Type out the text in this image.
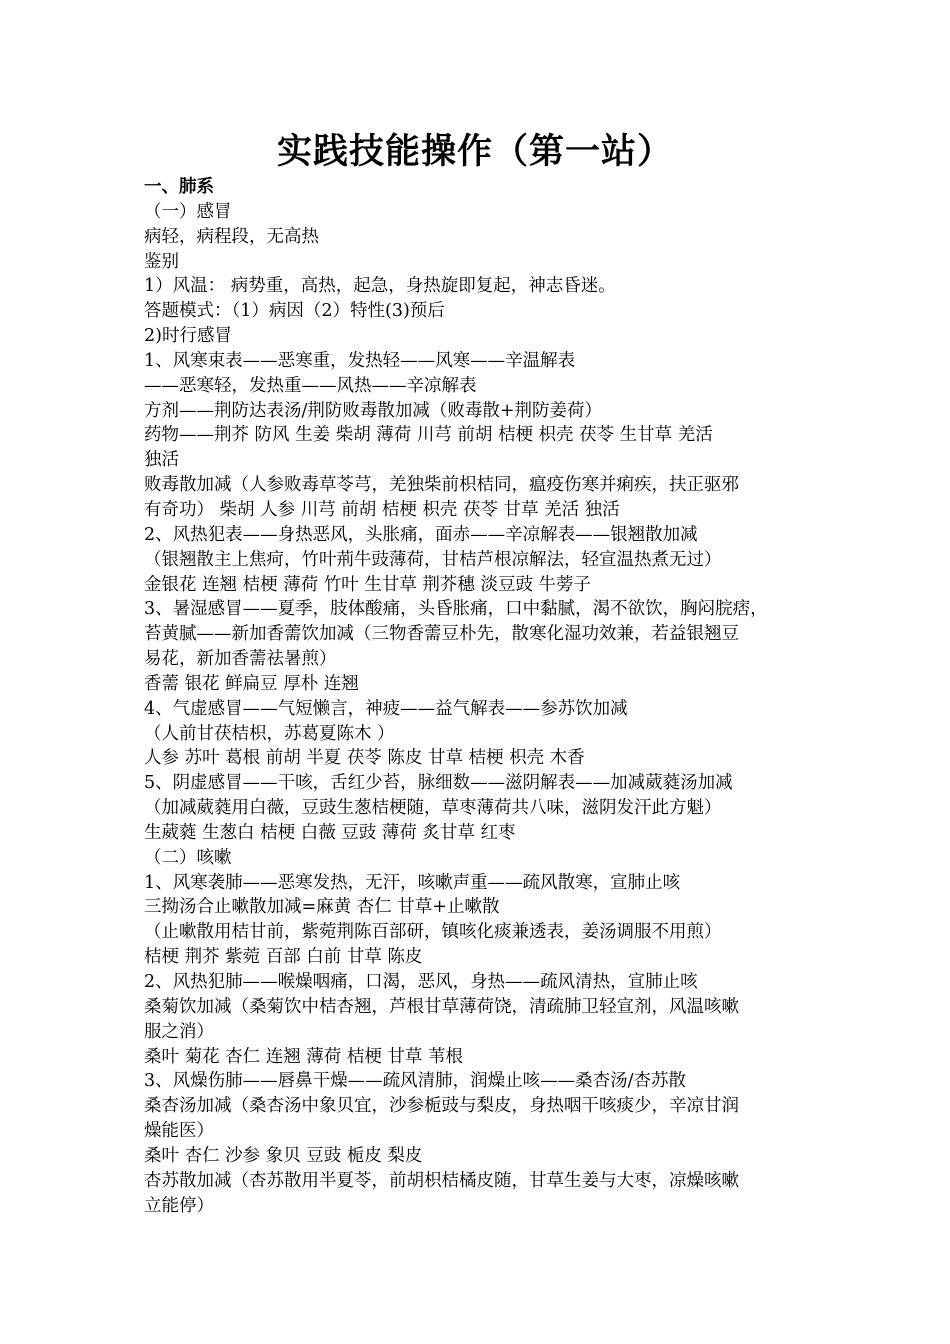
实践技能操作（第一站）
一、肺系
（一）感冒
病轻，病程段，无高热
鉴别
1）风温： 病势重，高热，起急，身热旋即复起，神志昏迷。
答题模式：（1）病因（2）特性(3)预后
2)时行感冒
1、风寒束表——恶寒重，发热轻——风寒——辛温解表
——恶寒轻，发热重——风热——辛凉解表
方剂——荆防达表汤/荆防败毒散加减（败毒散+荆防姜荷）
药物——荆芥 防风 生姜 柴胡 薄荷 川芎 前胡 桔梗 枳壳 茯苓 生甘草 羌活
独活
败毒散加减（人参败毒草苓芎，羌独柴前枳桔同，瘟疫伤寒并痢疾，扶正驱邪
有奇功） 柴胡 人参 川芎 前胡 桔梗 枳壳 茯苓 甘草 羌活 独活
2、风热犯表——身热恶风，头胀痛，面赤——辛凉解表——银翘散加减
（银翘散主上焦疴，竹叶荊牛豉薄荷，甘桔芦根凉解法，轻宣温热煮无过）
金银花 连翘 桔梗 薄荷 竹叶 生甘草 荆芥穗 淡豆豉 牛蒡子
3、暑湿感冒——夏季，肢体酸痛，头昏胀痛，口中黏腻，渴不欲饮，胸闷脘痞，
苔黄腻——新加香薷饮加减（三物香薷豆朴先，散寒化湿功效兼，若益银翘豆
易花，新加香薷祛暑煎）
香薷 银花 鲜扁豆 厚朴 连翘
4、气虚感冒——气短懒言，神疲——益气解表——参苏饮加减
（人前甘茯桔枳，苏葛夏陈木 ）
人参 苏叶 葛根 前胡 半夏 茯苓 陈皮 甘草 桔梗 枳壳 木香
5、阴虚感冒——干咳，舌红少苔，脉细数——滋阴解表——加减葳蕤汤加减
（加减葳蕤用白薇，豆豉生葱桔梗随，草枣薄荷共八味，滋阴发汗此方魁）
生葳蕤 生葱白 桔梗 白薇 豆豉 薄荷 炙甘草 红枣
（二）咳嗽
1、风寒袭肺——恶寒发热，无汗，咳嗽声重——疏风散寒，宣肺止咳
三拗汤合止嗽散加减=麻黄 杏仁 甘草+止嗽散
（止嗽散用桔甘前，紫菀荆陈百部研，镇咳化痰兼透表，姜汤调服不用煎）
桔梗 荆芥 紫菀 百部 白前 甘草 陈皮
2、风热犯肺——喉燥咽痛，口渴，恶风，身热——疏风清热，宣肺止咳
桑菊饮加减（桑菊饮中桔杏翘，芦根甘草薄荷饶，清疏肺卫轻宣剂，风温咳嗽
服之消）
桑叶 菊花 杏仁 连翘 薄荷 桔梗 甘草 苇根
3、风燥伤肺——唇鼻干燥——疏风清肺，润燥止咳——桑杏汤/杏苏散
桑杏汤加减（桑杏汤中象贝宜，沙参栀豉与梨皮，身热咽干咳痰少，辛凉甘润
燥能医）
桑叶 杏仁 沙参 象贝 豆豉 栀皮 梨皮
杏苏散加减（杏苏散用半夏苓，前胡枳桔橘皮随，甘草生姜与大枣，凉燥咳嗽
立能停）
